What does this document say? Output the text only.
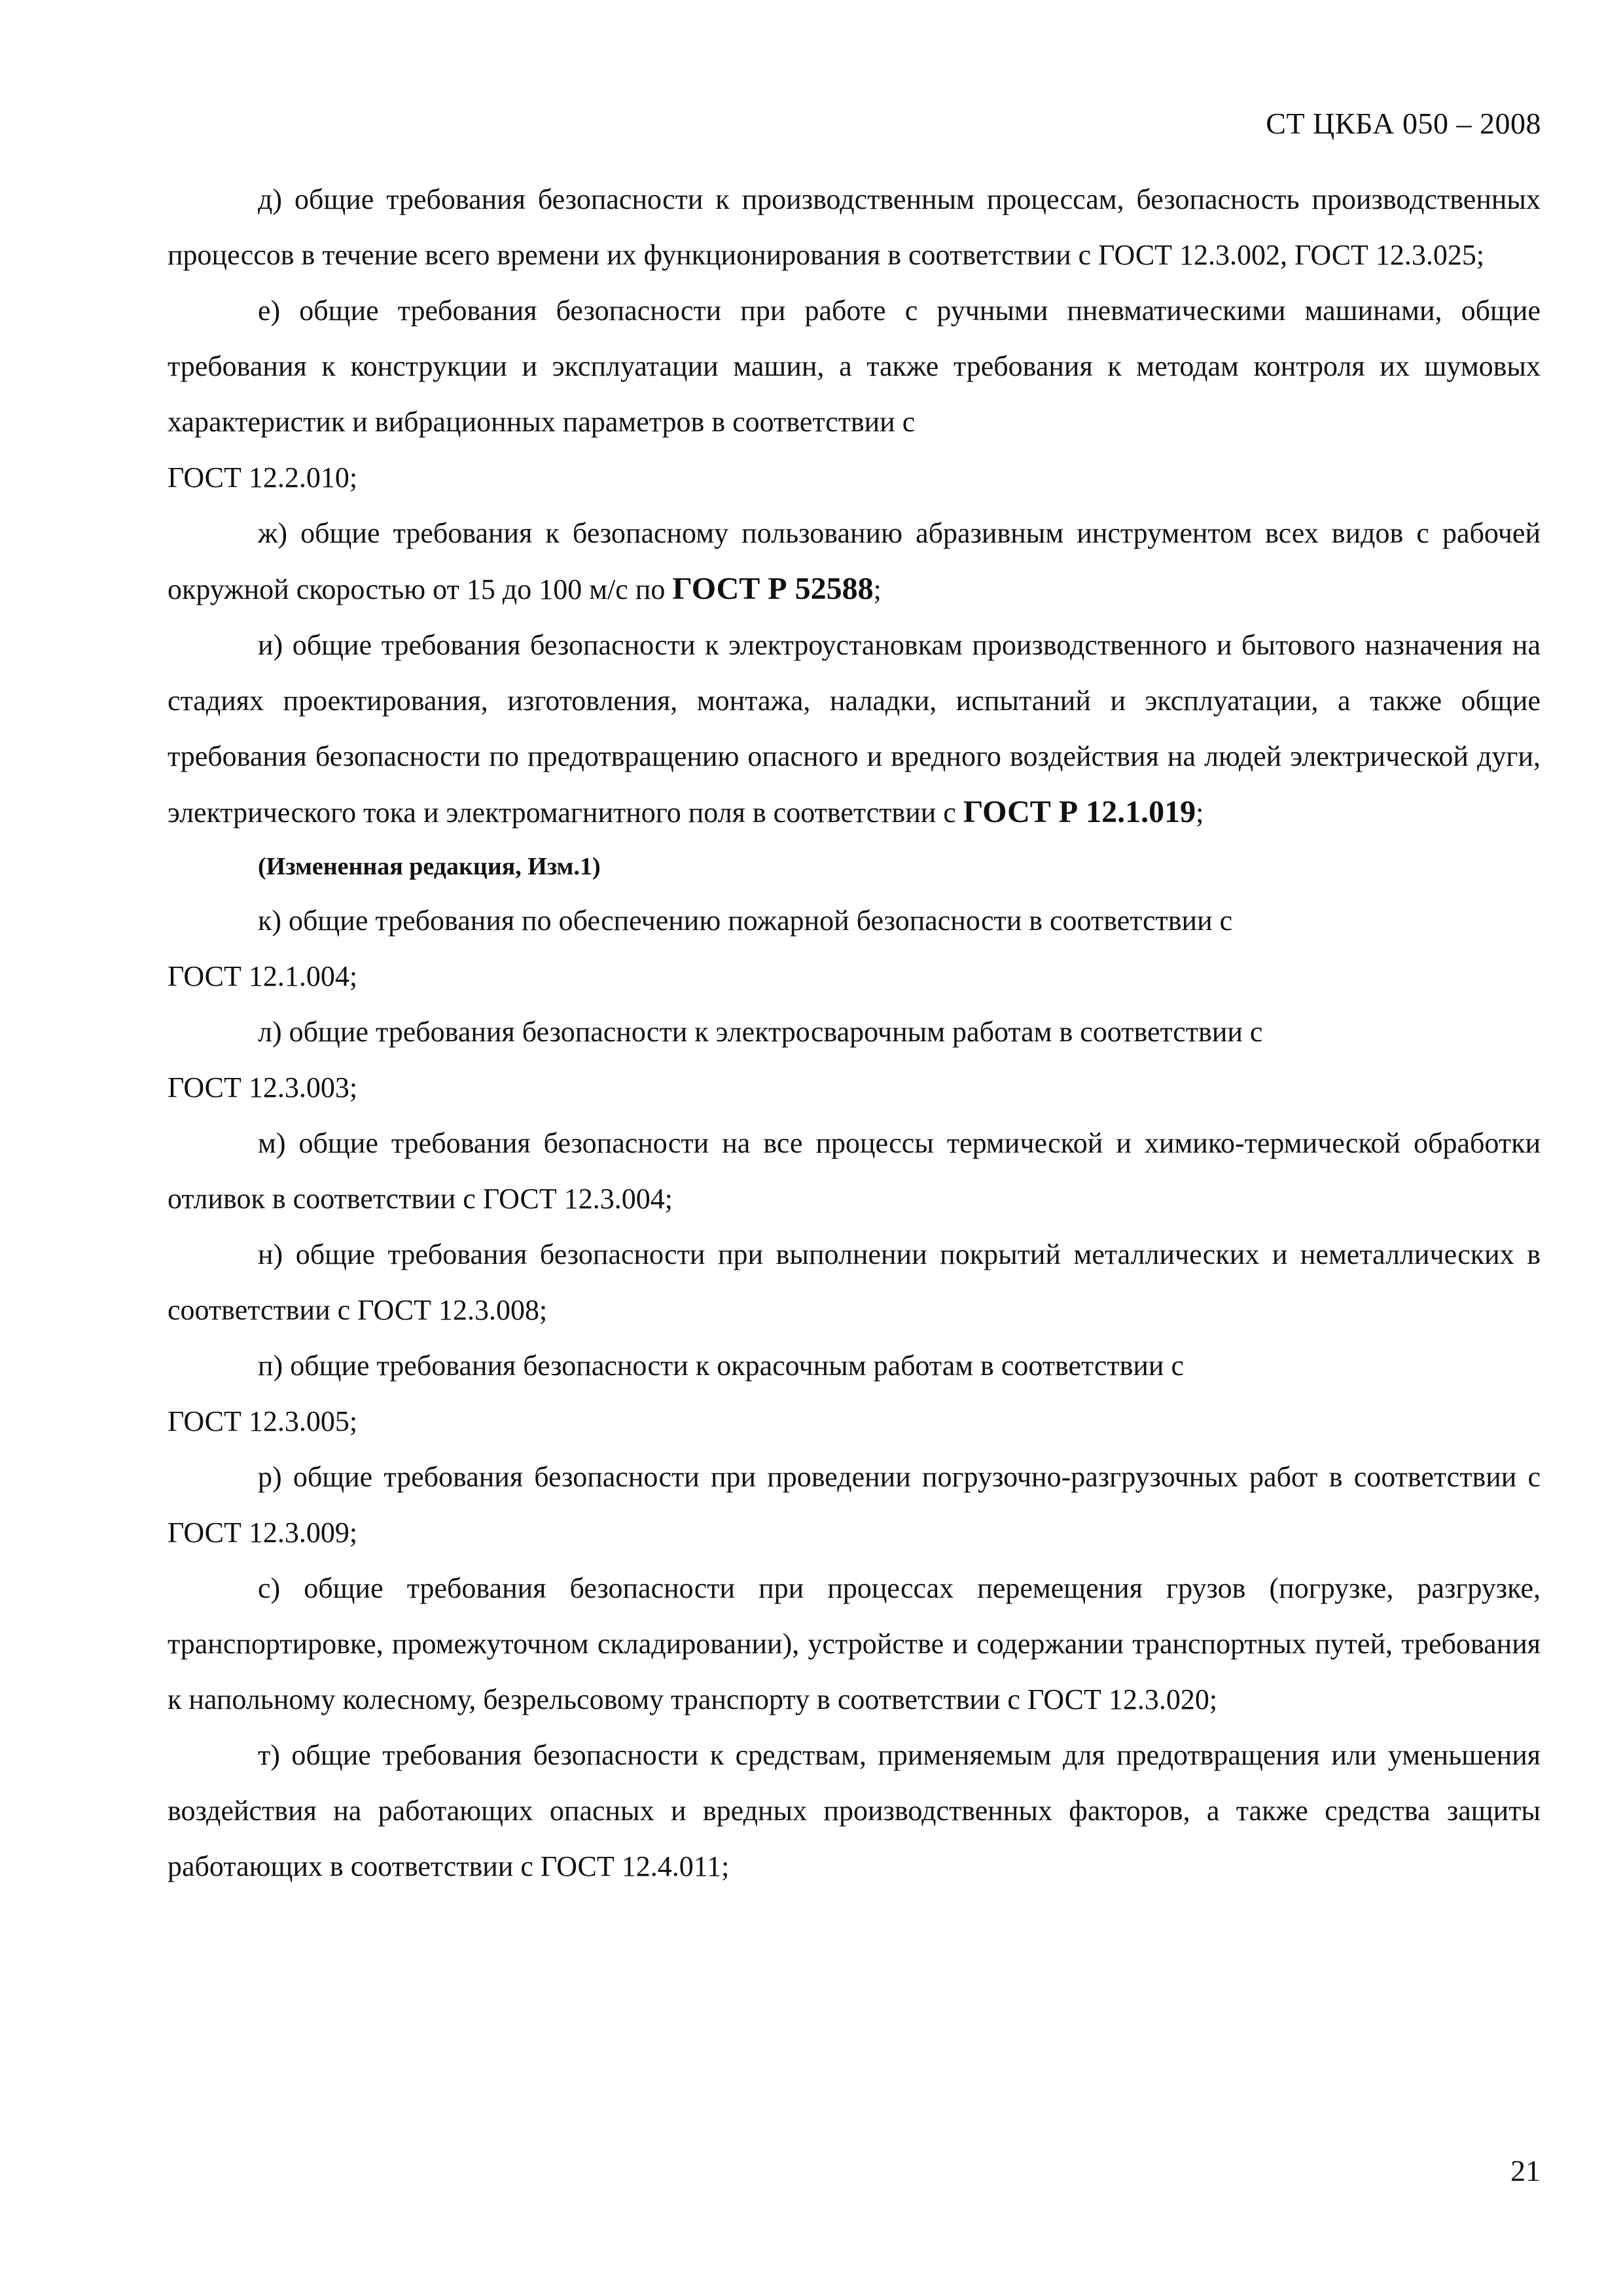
СТ ЦКБА 050 – 2008

д) общие требования безопасности к производственным процессам, безопасность производственных процессов в течение всего времени их функционирования в соответствии с ГОСТ 12.3.002, ГОСТ 12.3.025;

е) общие требования безопасности при работе с ручными пневматическими машинами, общие требования к конструкции и эксплуатации машин, а также требования к методам контроля их шумовых характеристик и вибрационных параметров в соответствии с

ГОСТ 12.2.010;

ж) общие требования к безопасному пользованию абразивным инструментом всех видов с рабочей окружной скоростью от 15 до 100 м/с по ГОСТ Р 52588;

и) общие требования безопасности к электроустановкам производственного и бытового назначения на стадиях проектирования, изготовления, монтажа, наладки, испытаний и эксплуатации, а также общие требования безопасности по предотвращению опасного и вредного воздействия на людей электрической дуги, электрического тока и электромагнитного поля в соответствии с ГОСТ Р 12.1.019;

(Измененная редакция, Изм.1)

к) общие требования по обеспечению пожарной безопасности в соответствии с

ГОСТ 12.1.004;

л) общие требования безопасности к электросварочным работам в соответствии с

ГОСТ 12.3.003;

м) общие требования безопасности на все процессы термической и химико-термической обработки отливок в соответствии с ГОСТ 12.3.004;

н) общие требования безопасности при выполнении покрытий металлических и неметаллических в соответствии с ГОСТ 12.3.008;

п) общие требования безопасности к окрасочным работам в соответствии с

ГОСТ 12.3.005;

р) общие требования безопасности при проведении погрузочно-разгрузочных работ в соответствии с ГОСТ 12.3.009;

с) общие требования безопасности при процессах перемещения грузов (погрузке, разгрузке, транспортировке, промежуточном складировании), устройстве и содержании транспортных путей, требования к напольному колесному, безрельсовому транспорту в соответствии с ГОСТ 12.3.020;

т) общие требования безопасности к средствам, применяемым для предотвращения или уменьшения воздействия на работающих опасных и вредных производственных факторов, а также средства защиты работающих в соответствии с ГОСТ 12.4.011;

21
